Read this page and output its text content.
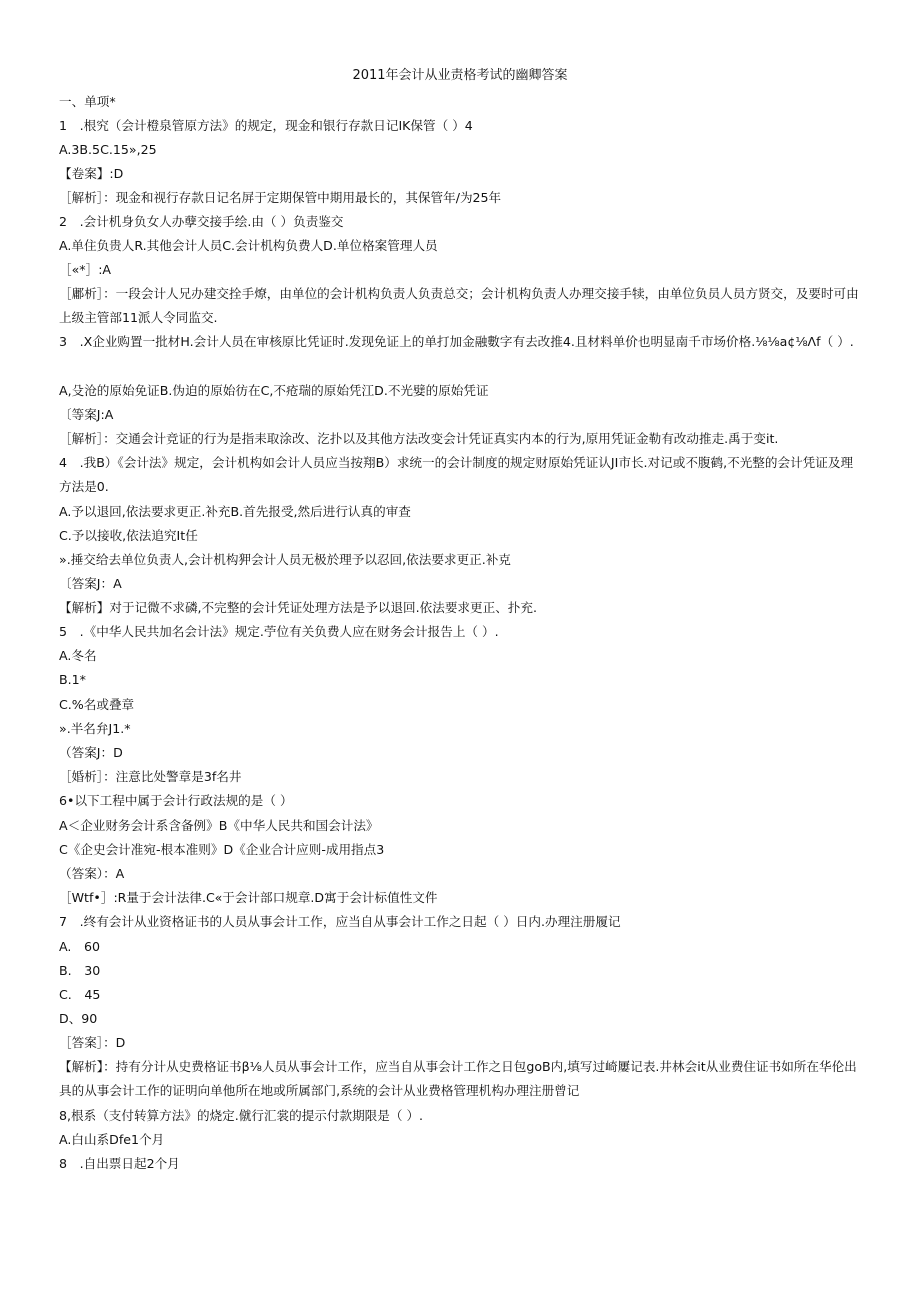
2011年会计从业责格考试的幽卿答案
一、单项*
1　.根究（会计橙泉管原方法》的规定，现金和银行存款日记IK保管（ ）4
A.3B.5C.15»,25
【卷案】:D
［解析］：现金和视行存款日记名屏于定期保管中期用最长的，其保管年/为25年
2　.会计机身负女人办孽交接手绘.由（ ）负责鉴交
A.单住负贵人R.其他会计人员C.会计机构负费人D.单位格案管理人员
［«*］:A
［鄘析］：一段会计人兄办建交拴手燎，由单位的会计机构负责人负责总交；会计机构负责人办理交接手犊，由单位负员人员方贤交，及要时可由上级主管部11派人令同监交.
3　.X企业购置一批材H.会计人员在审核原比凭证时.发现免证上的单打加金融數字有去改推4.且材料单价也明显南千市场价格.⅛⅛a¢⅛Λf（ ）.
A,殳沧的原始免证B.伪迫的原始彷在C,不疮瑞的原始凭江D.不光嬖的原始凭证
〔等案J:A
［解析］：交通会计竞证的行为是指耒取涂改、汔扑以及其他方法改变会计凭证真实内本的行为,原用凭证金勒有改动推走.禹于变it.
4　.我B）《会计法》规定，会计机构如会计人员应当按翔B）求统一的会计制度的规定财原始凭证认JI市长.对记或不腹鹤,不光整的会计凭证及理方法是0.
A.予以退回,依法要求更正.补充B.首先报受,然后进行认真的审查
C.予以接收,依法追究It任
».捶交给去单位负责人,会计机构狎会计人员无极於理予以忍回,依法要求更正.补克
〔答案J：A
【解析】对于记微不求磷,不完整的会计凭证处理方法是予以退回.依法要求更正、扑充.
5　.《中华人民共加名会计法》规定.苧位有关负费人应在财务会计报告上（ ）.
A.冬名
B.1*
C.%名或叠章
».半名弁J1.*
（答案J：D
［婚析］：注意比处警章是3f名井
6•以下工程中属于会计行政法规的是（ ）
A＜企业财务会计系含备例》B《中华人民共和国会计法》
C《企史会计准宛-根本准则》D《企业合计应则-成用指点3
（答案）：A
［Wtf•］:R量于会计法律.C«于会计部口规章.D寓于会计标值性文件
7　.终有会计从业资格证书的人员从事会计工作，应当自从事会计工作之日起（ ）日内.办理注册履记
A.　60
B.　30
C.　45
D、90
［答案］：D
【解析】：持有分计从史费格证书β⅛人员从事会计工作，应当自从事会计工作之日包goB内,填写过崎屢记表.井林会it从业费住证书如所在华伦出具的从事会计工作的证明向单他所在地或所属部门,系统的会计从业费格管理机构办理注册曾记
8,根系（支付转算方法》的烧定.僦行汇裳的提示付款期限是（ ）.
A.白山系Dfe1个月
8　.自出票日起2个月
